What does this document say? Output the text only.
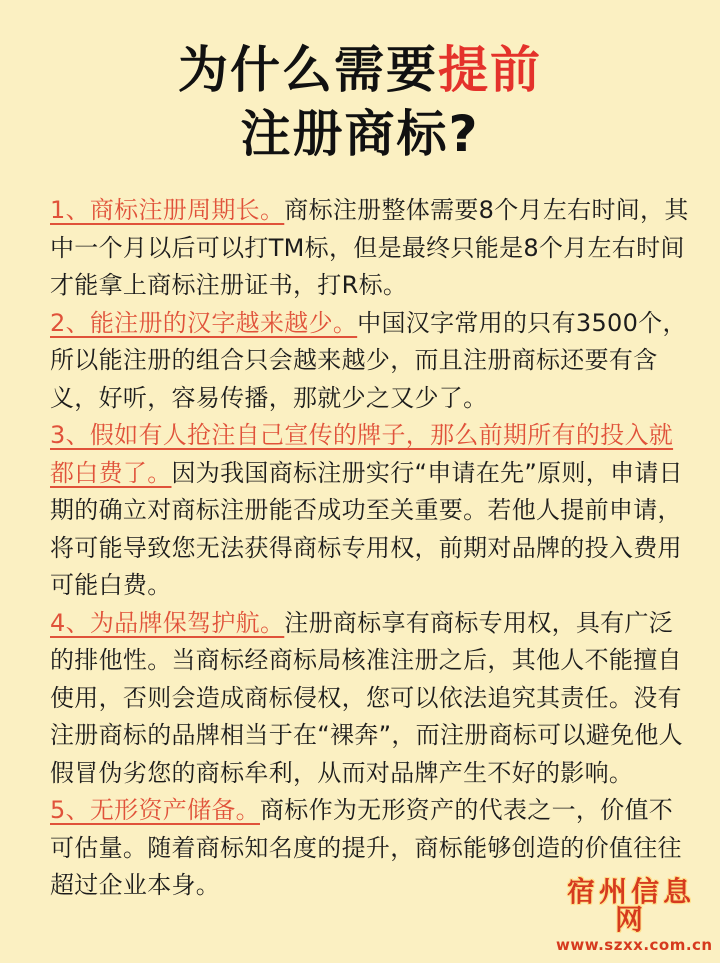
为什么需要提前
注册商标?

1、商标注册周期长。商标注册整体需要8个月左右时间，其中一个月以后可以打TM标，但是最终只能是8个月左右时间才能拿上商标注册证书，打R标。

2、能注册的汉字越来越少。中国汉字常用的只有3500个，所以能注册的组合只会越来越少，而且注册商标还要有含义，好听，容易传播，那就少之又少了。

3、假如有人抢注自己宣传的牌子，那么前期所有的投入就都白费了。因为我国商标注册实行“申请在先”原则，申请日期的确立对商标注册能否成功至关重要。若他人提前申请，将可能导致您无法获得商标专用权，前期对品牌的投入费用可能白费。

4、为品牌保驾护航。注册商标享有商标专用权，具有广泛的排他性。当商标经商标局核准注册之后，其他人不能擅自使用，否则会造成商标侵权，您可以依法追究其责任。没有注册商标的品牌相当于在“裸奔”，而注册商标可以避免他人假冒伪劣您的商标牟利，从而对品牌产生不好的影响。

5、无形资产储备。商标作为无形资产的代表之一，价值不可估量。随着商标知名度的提升，商标能够创造的价值往往超过企业本身。	宿州信息网
www.szxx.com.cn
